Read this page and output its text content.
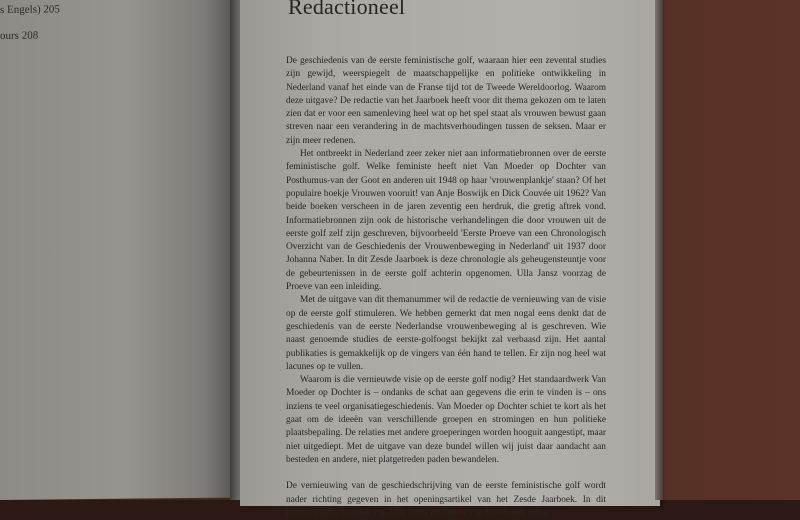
s Engels) 205
ours 208
Redactioneel

De geschiedenis van de eerste feministische golf, waaraan hier een zevental studies zijn gewijd, weerspiegelt de maatschappelijke en politieke ontwikkeling in Nederland vanaf het einde van de Franse tijd tot de Tweede Wereldoorlog. Waarom deze uitgave? De redactie van het Jaarboek heeft voor dit thema gekozen om te laten zien dat er voor een samenleving heel wat op het spel staat als vrouwen bewust gaan streven naar een verandering in de machtsverhoudingen tussen de seksen. Maar er zijn meer redenen.

Het ontbreekt in Nederland zeer zeker niet aan informatiebronnen over de eerste feministische golf. Welke feministe heeft niet Van Moeder op Dochter van Posthumus-van der Goot en anderen uit 1948 op haar 'vrouwenplankje' staan? Of het populaire boekje Vrouwen vooruit! van Anje Boswijk en Dick Couvée uit 1962? Van beide boeken verscheen in de jaren zeventig een herdruk, die gretig aftrek vond. Informatiebronnen zijn ook de historische verhandelingen die door vrouwen uit de eerste golf zelf zijn geschreven, bijvoorbeeld 'Eerste Proeve van een Chronologisch Overzicht van de Geschiedenis der Vrouwenbeweging in Nederland' uit 1937 door Johanna Naber. In dit Zesde Jaarboek is deze chronologie als geheugensteuntje voor de gebeurtenissen in de eerste golf achterin opgenomen. Ulla Jansz voorzag de Proeve van een inleiding.

Met de uitgave van dit themanummer wil de redactie de vernieuwing van de visie op de eerste golf stimuleren. We hebben gemerkt dat men nogal eens denkt dat de geschiedenis van de eerste Nederlandse vrouwenbeweging al is geschreven. Wie naast genoemde studies de eerste-golfoogst bekijkt zal verbaasd zijn. Het aantal publikaties is gemakkelijk op de vingers van één hand te tellen. Er zijn nog heel wat lacunes op te vullen.

Waarom is die vernieuwde visie op de eerste golf nodig? Het standaardwerk Van Moeder op Dochter is – ondanks de schat aan gegevens die erin te vinden is – ons inziens te veel organisatiegeschiedenis. Van Moeder op Dochter schiet te kort als het gaat om de ideeën van verschillende groepen en stromingen en hun politieke plaatsbepaling. De relaties met andere groeperingen worden hooguit aangestipt, maar niet uitgediept. Met de uitgave van deze bundel willen wij juist daar aandacht aan besteden en andere, niet platgetreden paden bewandelen.

De vernieuwing van de geschiedschrijving van de eerste feministische golf wordt nader richting gegeven in het openingsartikel van het Zesde Jaarboek. In dit historiografisch artikel van Ulla Jansz en Tineke van Loosbroek intro-
